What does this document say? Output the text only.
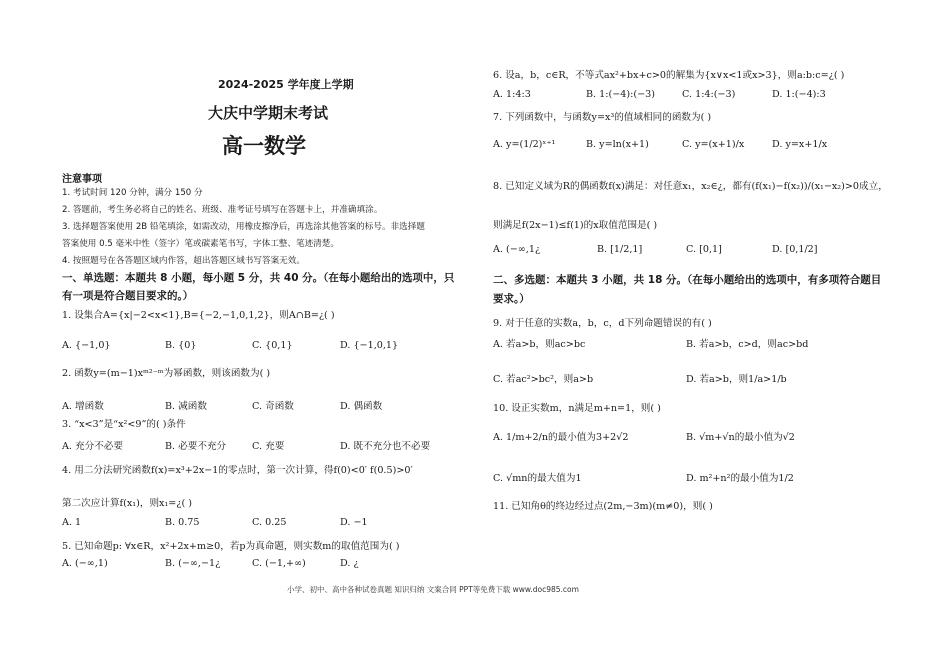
2024-2025 学年度上学期
大庆中学期末考试
高一数学
注意事项
1. 考试时间 120 分钟，满分 150 分
2. 答题前，考生务必将自己的姓名、班级、准考证号填写在答题卡上，并准确填涂。
3. 选择题答案使用 2B 铅笔填涂，如需改动，用橡皮擦净后，再选涂其他答案的标号。非选择题
答案使用 0.5 毫米中性（签字）笔或碳素笔书写，字体工整、笔迹清楚。
4. 按照题号在各答题区域内作答，超出答题区域书写答案无效。
一、单选题：本题共 8 小题，每小题 5 分，共 40 分。（在每小题给出的选项中，只
有一项是符合题目要求的。）
1. 设集合A={x|−2<x<1},B={−2,−1,0,1,2}，则A∩B=¿( )
A. {−1,0}	B. {0}	C. {0,1}	D. {−1,0,1}
2. 函数y=(m−1)xᵐ²⁻ᵐ为幂函数，则该函数为( )
A. 增函数	B. 减函数	C. 奇函数	D. 偶函数
3. “x<3”是“x²<9”的( )条件
A. 充分不必要	B. 必要不充分	C. 充要	D. 既不充分也不必要
4. 用二分法研究函数f(x)=x³+2x−1的零点时，第一次计算，得f(0)<0′ f(0.5)>0′
第二次应计算f(x₁)，则x₁=¿( )
A. 1	B. 0.75	C. 0.25	D. −1
5. 已知命题p: ∀x∈R，x²+2x+m≥0，若p为真命题，则实数m的取值范围为( )
A. (−∞,1)	B. (−∞,−1¿	C. (−1,+∞)	D. ¿
6. 设a，b，c∈R，不等式ax²+bx+c>0的解集为{x∨x<1或x>3}，则a:b:c=¿( )
A. 1:4:3	B. 1:(−4):(−3)	C. 1:4:(−3)	D. 1:(−4):3
7. 下列函数中，与函数y=x³的值域相同的函数为( )
A. y=(1/2)ˣ⁺¹	B. y=ln(x+1)	C. y=(x+1)/x	D. y=x+1/x
8. 已知定义域为R的偶函数f(x)满足：对任意x₁，x₂∈¿，都有(f(x₁)−f(x₂))/(x₁−x₂)>0成立，
则满足f(2x−1)≤f(1)的x取值范围是( )
A. (−∞,1¿	B. [1/2,1]	C. [0,1]	D. [0,1/2]
二、多选题：本题共 3 小题，共 18 分。（在每小题给出的选项中，有多项符合题目
要求。）
9. 对于任意的实数a，b，c，d下列命题错误的有( )
A. 若a>b，则ac>bc	B. 若a>b，c>d，则ac>bd
C. 若ac²>bc²，则a>b	D. 若a>b，则1/a>1/b
10. 设正实数m，n满足m+n=1，则( )
A. 1/m+2/n的最小值为3+2√2	B. √m+√n的最小值为√2
C. √mn的最大值为1	D. m²+n²的最小值为1/2
11. 已知角θ的终边经过点(2m,−3m)(m≠0)，则( )
小学、初中、高中各种试卷真题 知识归纳 文案合同 PPT等免费下载 www.doc985.com
